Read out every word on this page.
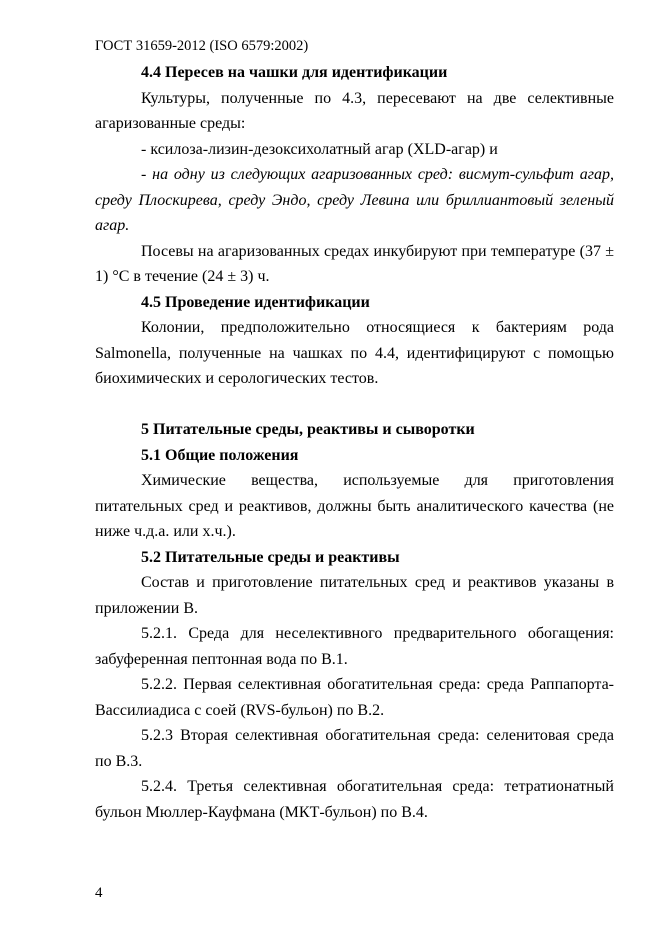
ГОСТ 31659-2012 (ISO 6579:2002)
4.4 Пересев на чашки для идентификации

Культуры, полученные по 4.3, пересевают на две селективные агаризованные среды:

- ксилоза-лизин-дезоксихолатный агар (XLD-агар) и

- на одну из следующих агаризованных сред: висмут-сульфит агар, среду Плоскирева, среду Эндо, среду Левина или бриллиантовый зеленый агар.

Посевы на агаризованных средах инкубируют при температуре (37 ± 1) °С в течение (24 ± 3) ч.

4.5 Проведение идентификации

Колонии, предположительно относящиеся к бактериям рода Salmonella, полученные на чашках по 4.4, идентифицируют с помощью биохимических и серологических тестов.

5 Питательные среды, реактивы и сыворотки
5.1 Общие положения

Химические вещества, используемые для приготовления питательных сред и реактивов, должны быть аналитического качества (не ниже ч.д.а. или х.ч.).

5.2 Питательные среды и реактивы

Состав и приготовление питательных сред и реактивов указаны в приложении В.

5.2.1. Среда для неселективного предварительного обогащения: забуференная пептонная вода по В.1.

5.2.2. Первая селективная обогатительная среда: среда Раппапорта-Вассилиадиса с соей (RVS-бульон) по В.2.

5.2.3 Вторая селективная обогатительная среда: селенитовая среда по В.3.

5.2.4. Третья селективная обогатительная среда: тетратионатный бульон Мюллер-Кауфмана (МКТ-бульон) по В.4.

4
